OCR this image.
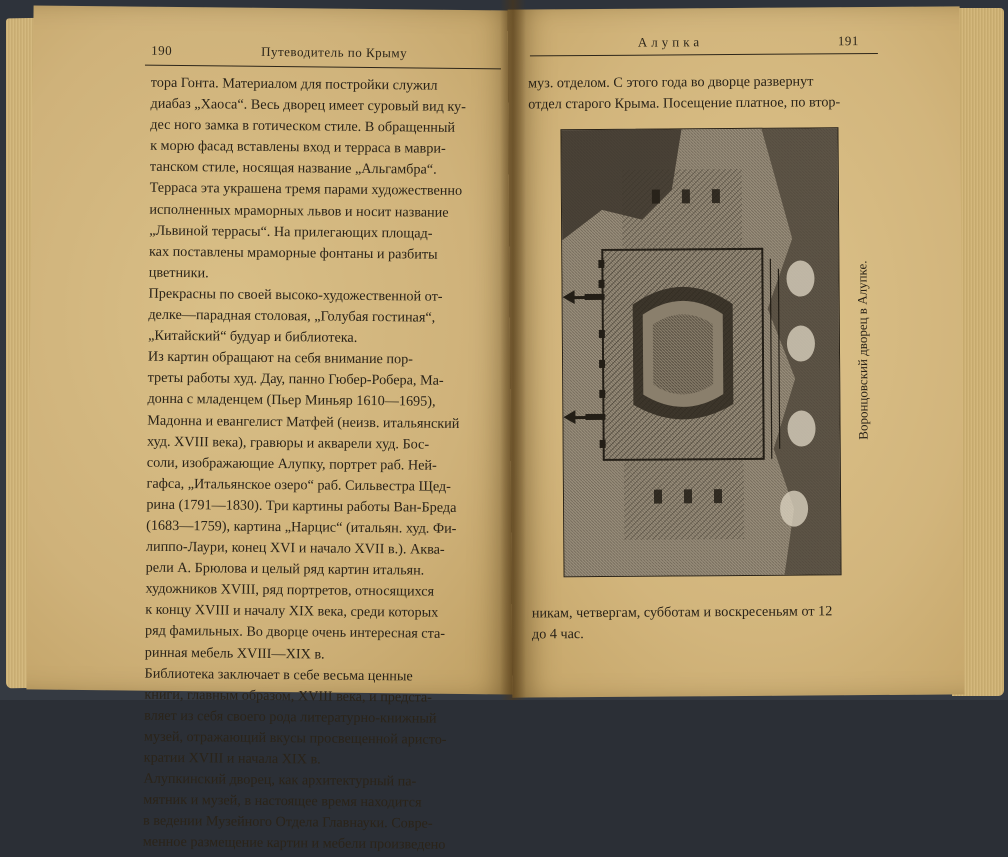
190	Путеводитель по Крыму
тора Гонта. Материалом для постройки служил
диабаз „Хаоса“. Весь дворец имеет суровый вид ку-
дес ного замка в готическом стиле. В обращенный
к морю фасад вставлены вход и терраса в маври-
танском стиле, носящая название „Альгамбра“.
Терраса эта украшена тремя парами художественно
исполненных мраморных львов и носит название
„Львиной террасы“. На прилегающих площад-
ках поставлены мраморные фонтаны и разбиты
цветники.
Прекрасны по своей высоко-художественной от-
делке—парадная столовая, „Голубая гостиная“,
„Китайский“ будуар и библиотека.
Из картин обращают на себя внимание пор-
треты работы худ. Дау, панно Гюбер-Робера, Ма-
донна с младенцем (Пьер Миньяр 1610—1695),
Мадонна и евангелист Матфей (неизв. итальянский
худ. XVIII века), гравюры и акварели худ. Бос-
соли, изображающие Алупку, портрет раб. Ней-
гафса, „Итальянское озеро“ раб. Сильвестра Щед-
рина (1791—1830). Три картины работы Ван-Бреда
(1683—1759), картина „Нарцис“ (итальян. худ. Фи-
липпо-Лаури, конец XVI и начало XVII в.). Аква-
рели А. Брюлова и целый ряд картин итальян.
художников XVIII, ряд портретов, относящихся
к концу XVIII и началу XIX века, среди которых
ряд фамильных. Во дворце очень интересная ста-
ринная мебель XVIII—XIX в.
Библиотека заключает в себе весьма ценные
книги, главным образом, XVIII века, и предста-
вляет из себя своего рода литературно-книжный
музей, отражающий вкусы просвещенной аристо-
кратии XVIII и начала XIX в.
Алупкинский дворец, как архитектурный па-
мятник и музей, в настоящее время находится
в ведении Музейного Отдела Главнауки. Совре-
менное размещение картин и мебели произведено
Алупка	191
муз. отделом. С этого года во дворце развернут
отдел старого Крыма. Посещение платное, по втор-
Воронцовский дворец в Алупке.
никам, четвергам, субботам и воскресеньям от 12
до 4 час.
